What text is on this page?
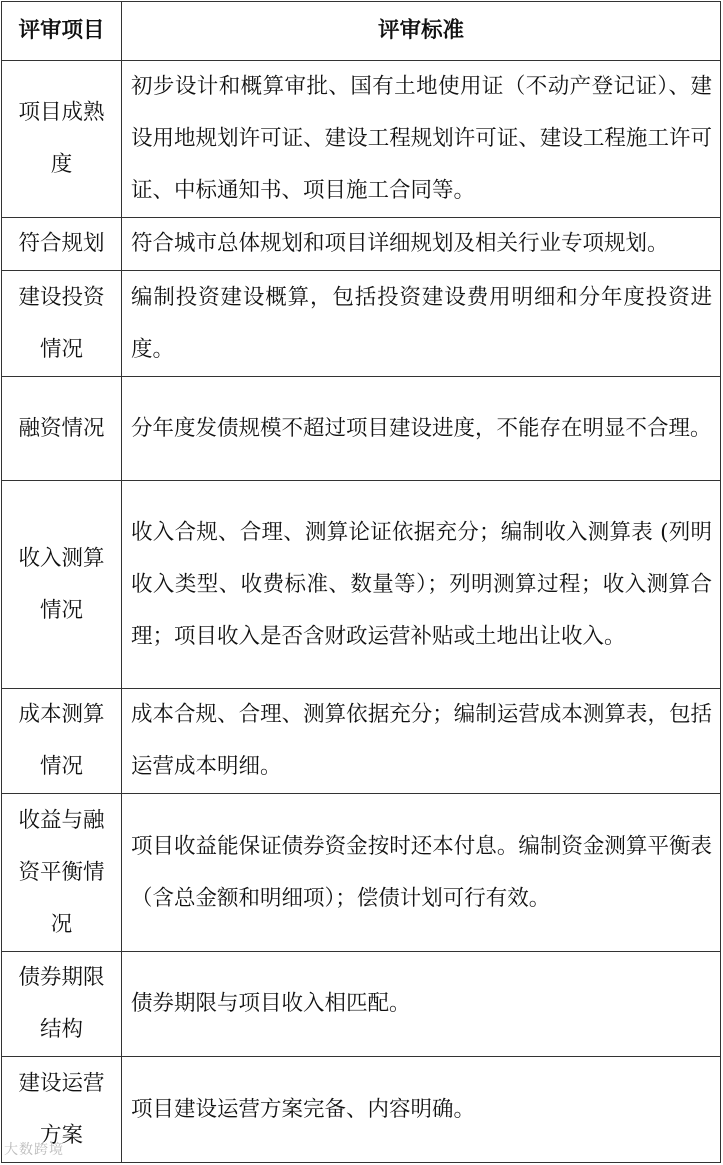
评审项目	评审标准
项目成熟度	初步设计和概算审批、国有土地使用证（不动产登记证）、建设用地规划许可证、建设工程规划许可证、建设工程施工许可证、中标通知书、项目施工合同等。
符合规划	符合城市总体规划和项目详细规划及相关行业专项规划。
建设投资情况	编制投资建设概算，包括投资建设费用明细和分年度投资进度。
融资情况	分年度发债规模不超过项目建设进度，不能存在明显不合理。
收入测算情况	收入合规、合理、测算论证依据充分；编制收入测算表 (列明收入类型、收费标准、数量等）；列明测算过程；收入测算合理；项目收入是否含财政运营补贴或土地出让收入。
成本测算情况	成本合规、合理、测算依据充分；编制运营成本测算表，包括运营成本明细。
收益与融资平衡情况	项目收益能保证债券资金按时还本付息。编制资金测算平衡表（含总金额和明细项）；偿债计划可行有效。
债券期限结构	债券期限与项目收入相匹配。
建设运营方案	项目建设运营方案完备、内容明确。
大数跨境
